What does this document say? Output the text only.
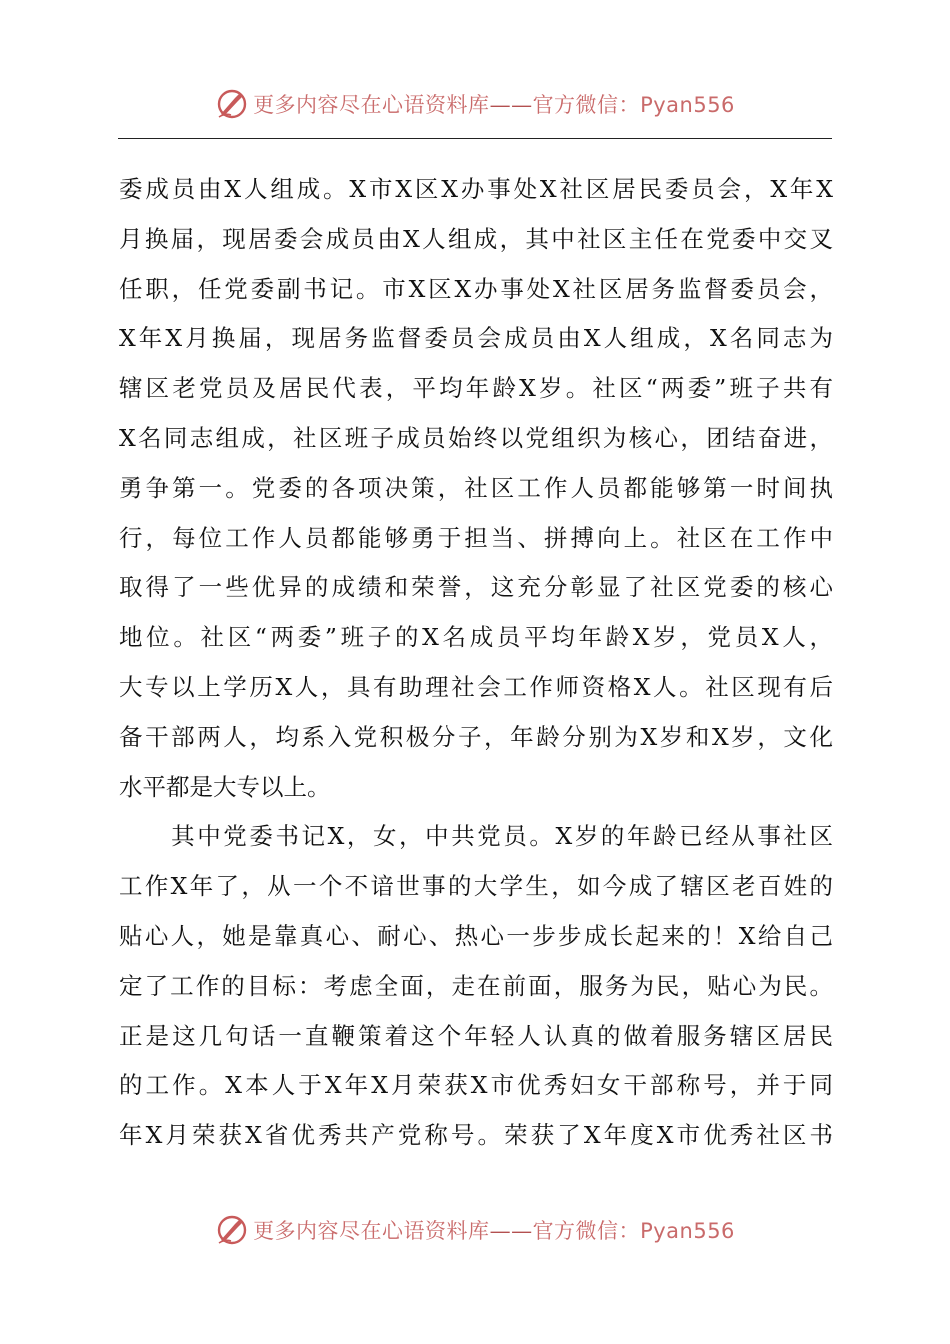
更多内容尽在心语资料库——官方微信：Pyan556
委成员由X人组成。X市X区X办事处X社区居民委员会，X年X
月换届，现居委会成员由X人组成，其中社区主任在党委中交叉
任职，任党委副书记。市X区X办事处X社区居务监督委员会，
X年X月换届，现居务监督委员会成员由X人组成，X名同志为
辖区老党员及居民代表，平均年龄X岁。社区“两委”班子共有
X名同志组成，社区班子成员始终以党组织为核心，团结奋进，
勇争第一。党委的各项决策，社区工作人员都能够第一时间执
行，每位工作人员都能够勇于担当、拼搏向上。社区在工作中
取得了一些优异的成绩和荣誉，这充分彰显了社区党委的核心
地位。社区“两委”班子的X名成员平均年龄X岁，党员X人，
大专以上学历X人，具有助理社会工作师资格X人。社区现有后
备干部两人，均系入党积极分子，年龄分别为X岁和X岁，文化
水平都是大专以上。
　　其中党委书记X，女，中共党员。X岁的年龄已经从事社区
工作X年了，从一个不谙世事的大学生，如今成了辖区老百姓的
贴心人，她是靠真心、耐心、热心一步步成长起来的！X给自己
定了工作的目标：考虑全面，走在前面，服务为民，贴心为民。
正是这几句话一直鞭策着这个年轻人认真的做着服务辖区居民
的工作。X本人于X年X月荣获X市优秀妇女干部称号，并于同
年X月荣获X省优秀共产党称号。荣获了X年度X市优秀社区书
更多内容尽在心语资料库——官方微信：Pyan556
